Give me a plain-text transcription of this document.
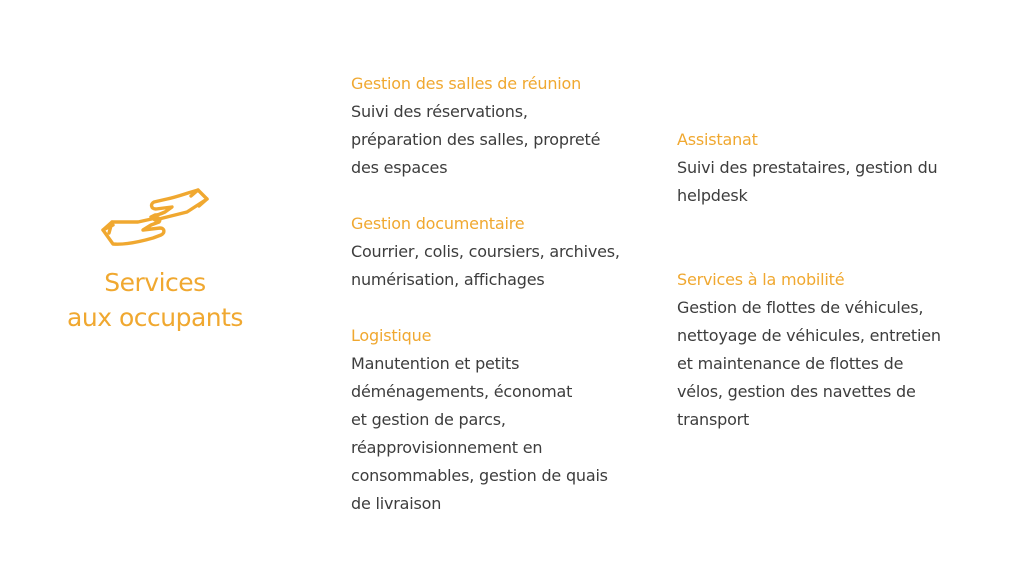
Services
aux occupants
Gestion des salles de réunion
Suivi des réservations,
préparation des salles, propreté
des espaces
Gestion documentaire
Courrier, colis, coursiers, archives,
numérisation, affichages
Logistique
Manutention et petits
déménagements, économat
et gestion de parcs,
réapprovisionnement en
consommables, gestion de quais
de livraison
Assistanat
Suivi des prestataires, gestion du
helpdesk
Services à la mobilité
Gestion de flottes de véhicules,
nettoyage de véhicules, entretien
et maintenance de flottes de
vélos, gestion des navettes de
transport
